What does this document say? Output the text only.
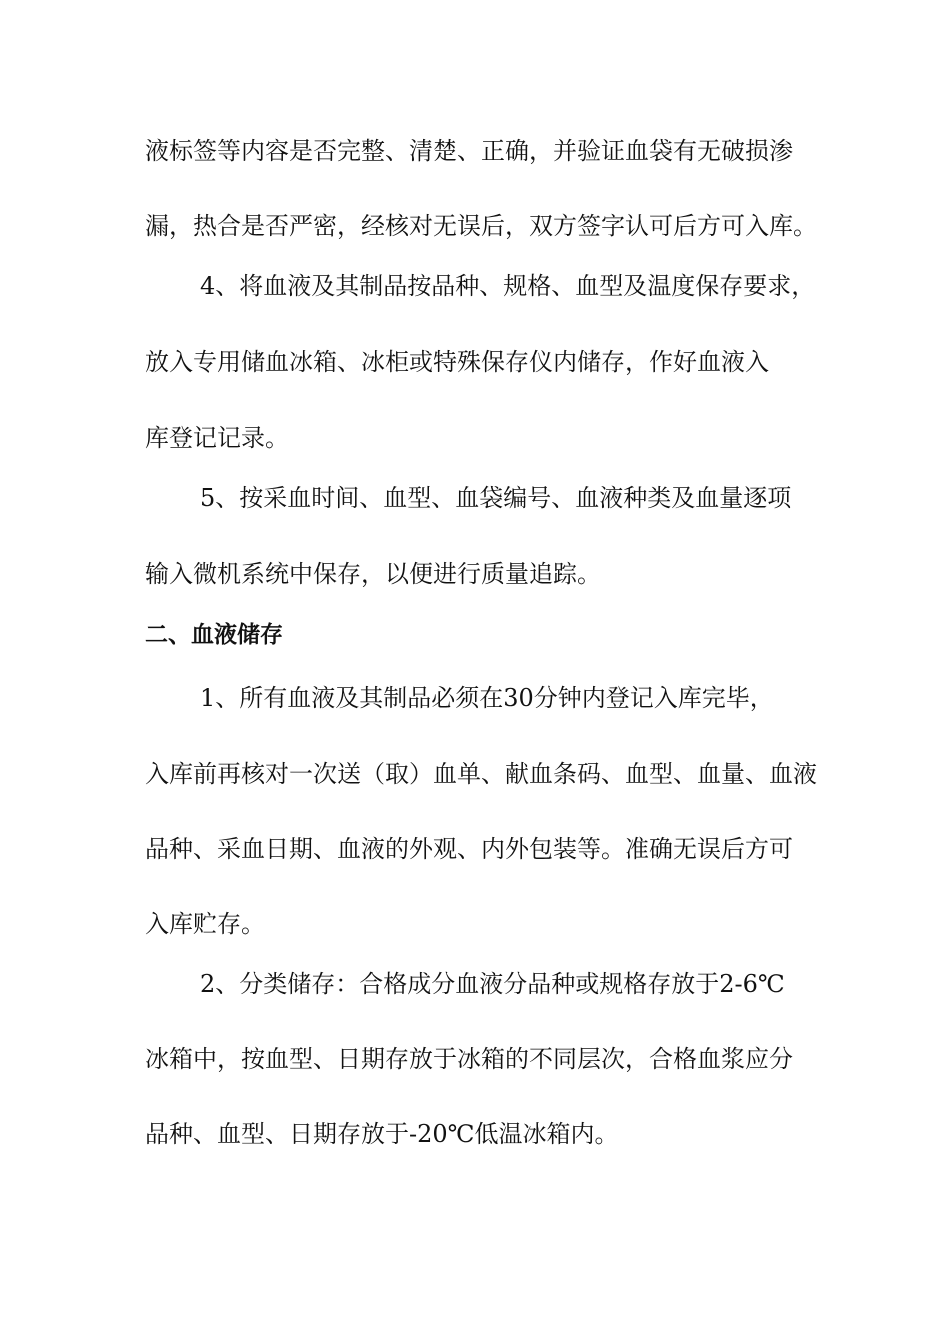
液标签等内容是否完整、清楚、正确，并验证血袋有无破损渗
漏，热合是否严密，经核对无误后，双方签字认可后方可入库。
4、将血液及其制品按品种、规格、血型及温度保存要求，
放入专用储血冰箱、冰柜或特殊保存仪内储存，作好血液入
库登记记录。
5、按采血时间、血型、血袋编号、血液种类及血量逐项
输入微机系统中保存，以便进行质量追踪。
二、血液储存
1、所有血液及其制品必须在30分钟内登记入库完毕，
入库前再核对一次送（取）血单、献血条码、血型、血量、血液
品种、采血日期、血液的外观、内外包装等。准确无误后方可
入库贮存。
2、分类储存：合格成分血液分品种或规格存放于2-6℃
冰箱中，按血型、日期存放于冰箱的不同层次，合格血浆应分
品种、血型、日期存放于-20℃低温冰箱内。
